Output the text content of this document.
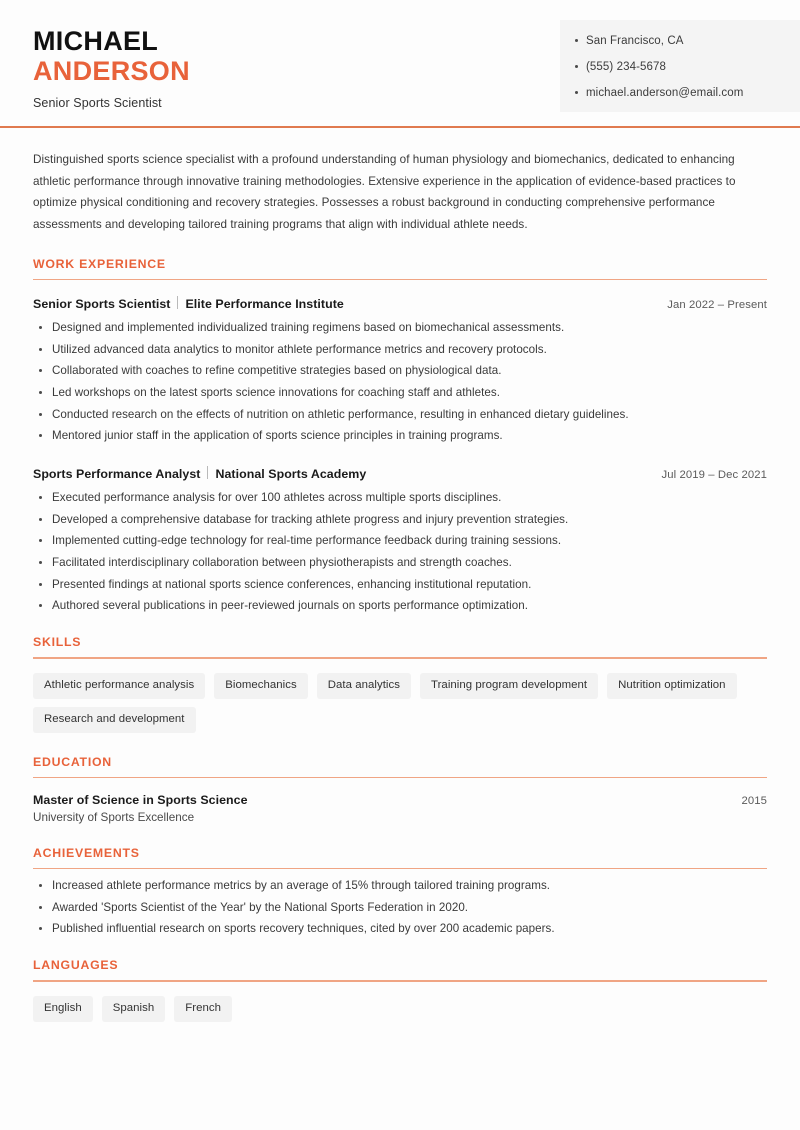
San Francisco, CA
(555) 234-5678
michael.anderson@email.com
MICHAEL
ANDERSON
Senior Sports Scientist

Distinguished sports science specialist with a profound understanding of human physiology and biomechanics, dedicated to enhancing athletic performance through innovative training methodologies. Extensive experience in the application of evidence-based practices to optimize physical conditioning and recovery strategies. Possesses a robust background in conducting comprehensive performance assessments and developing tailored training programs that align with individual athlete needs.

WORK EXPERIENCE
Senior Sports Scientist Elite Performance Institute	Jan 2022 – Present
Designed and implemented individualized training regimens based on biomechanical assessments.
Utilized advanced data analytics to monitor athlete performance metrics and recovery protocols.
Collaborated with coaches to refine competitive strategies based on physiological data.
Led workshops on the latest sports science innovations for coaching staff and athletes.
Conducted research on the effects of nutrition on athletic performance, resulting in enhanced dietary guidelines.
Mentored junior staff in the application of sports science principles in training programs.
Sports Performance Analyst National Sports Academy	Jul 2019 – Dec 2021
Executed performance analysis for over 100 athletes across multiple sports disciplines.
Developed a comprehensive database for tracking athlete progress and injury prevention strategies.
Implemented cutting-edge technology for real-time performance feedback during training sessions.
Facilitated interdisciplinary collaboration between physiotherapists and strength coaches.
Presented findings at national sports science conferences, enhancing institutional reputation.
Authored several publications in peer-reviewed journals on sports performance optimization.
SKILLS
Athletic performance analysis	Biomechanics	Data analytics	Training program development	Nutrition optimization
Research and development
EDUCATION
Master of Science in Sports Science	2015
University of Sports Excellence
ACHIEVEMENTS
Increased athlete performance metrics by an average of 15% through tailored training programs.
Awarded 'Sports Scientist of the Year' by the National Sports Federation in 2020.
Published influential research on sports recovery techniques, cited by over 200 academic papers.
LANGUAGES
English	Spanish	French
